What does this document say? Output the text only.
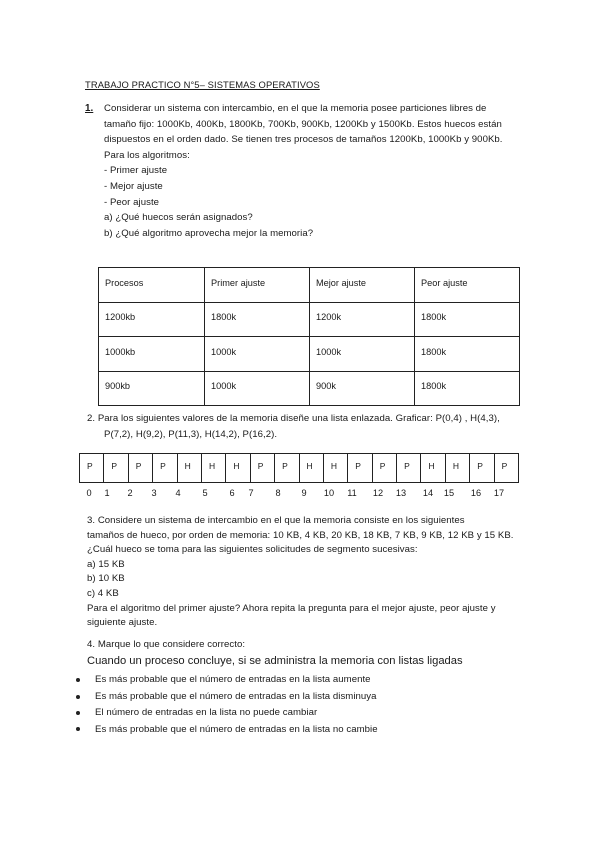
TRABAJO PRACTICO N°5– SISTEMAS OPERATIVOS
1.	Considerar un sistema con intercambio, en el que la memoria posee particiones libres de
tamaño fijo: 1000Kb, 400Kb, 1800Kb, 700Kb, 900Kb, 1200Kb y 1500Kb. Estos huecos están
dispuestos en el orden dado. Se tienen tres procesos de tamaños 1200Kb, 1000Kb y 900Kb.
Para los algoritmos:
- Primer ajuste
- Mejor ajuste
- Peor ajuste
a) ¿Qué huecos serán asignados?
b) ¿Qué algoritmo aprovecha mejor la memoria?
Procesos	Primer ajuste	Mejor ajuste	Peor ajuste
1200kb	1800k	1200k	1800k
1000kb	1000k	1000k	1800k
900kb	1000k	900k	1800k
2. Para los siguientes valores de la memoria diseñe una lista enlazada. Graficar: P(0,4) , H(4,3),
P(7,2), H(9,2), P(11,3), H(14,2), P(16,2).
P	P	P	P	H	H	H	P	P	H	H	P	P	P	H	H	P	P
0 1 2 3 4 5 6 7 8 9 10 11 12 13 14 15 16 17
3. Considere un sistema de intercambio en el que la memoria consiste en los siguientes
tamaños de hueco, por orden de memoria: 10 KB, 4 KB, 20 KB, 18 KB, 7 KB, 9 KB, 12 KB y 15 KB.
¿Cuál hueco se toma para las siguientes solicitudes de segmento sucesivas:
a) 15 KB
b) 10 KB
c) 4 KB
Para el algoritmo del primer ajuste? Ahora repita la pregunta para el mejor ajuste, peor ajuste y
siguiente ajuste.
4. Marque lo que considere correcto:
Cuando un proceso concluye, si se administra la memoria con listas ligadas
Es más probable que el número de entradas en la lista aumente
Es más probable que el número de entradas en la lista disminuya
El número de entradas en la lista no puede cambiar
Es más probable que el número de entradas en la lista no cambie
